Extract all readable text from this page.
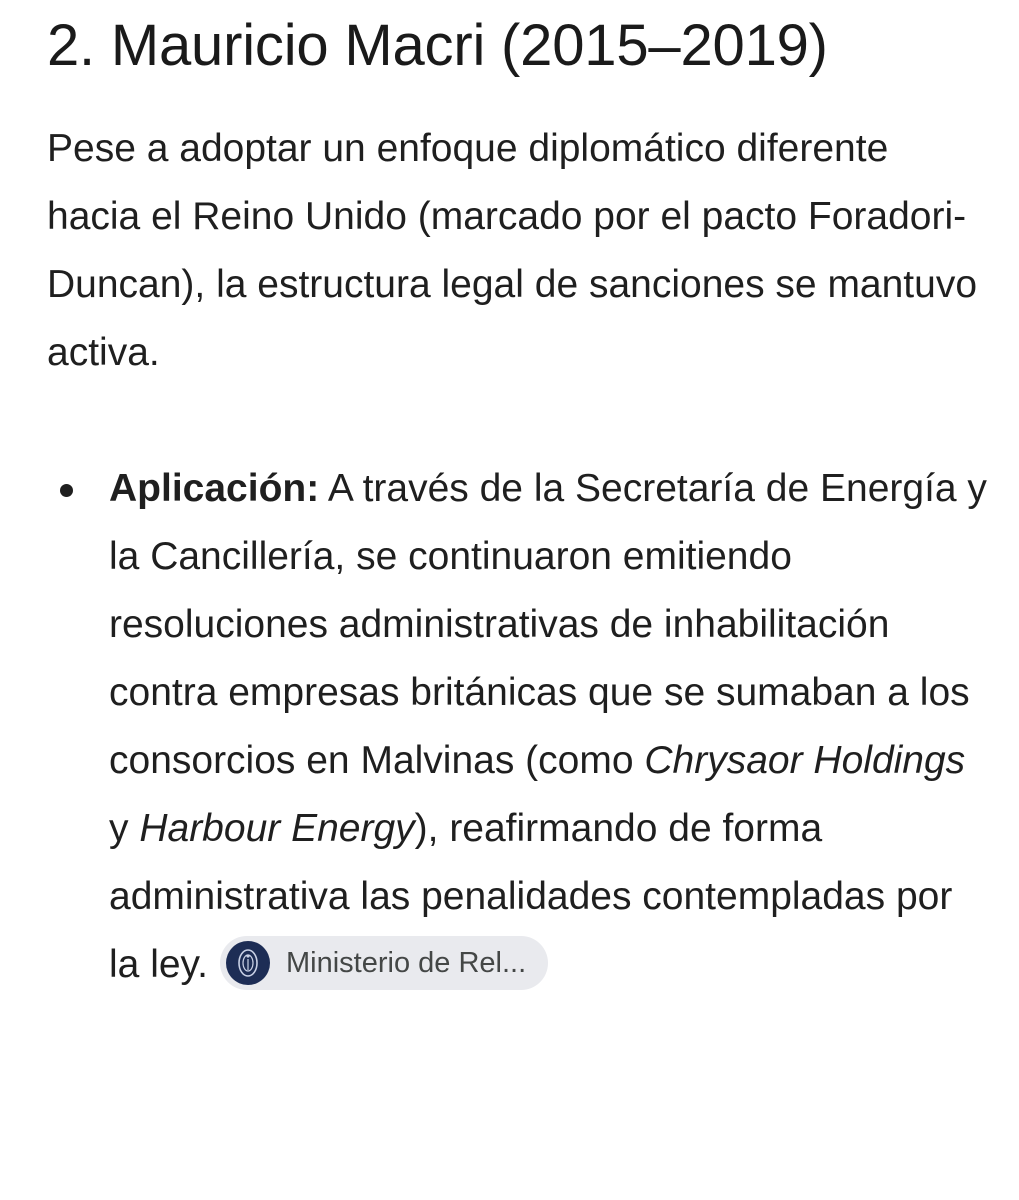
2. Mauricio Macri (2015–2019)

Pese a adoptar un enfoque diplomático diferente hacia el Reino Unido (marcado por el pacto Foradori-Duncan), la estructura legal de sanciones se mantuvo activa.

Aplicación: A través de la Secretaría de Energía y la Cancillería, se continuaron emitiendo resoluciones administrativas de inhabilitación contra empresas británicas que se sumaban a los consorcios en Malvinas (como Chrysaor Holdings y Harbour Energy), reafirmando de forma administrativa las penalidades contempladas por la ley.	Ministerio de Rel...
